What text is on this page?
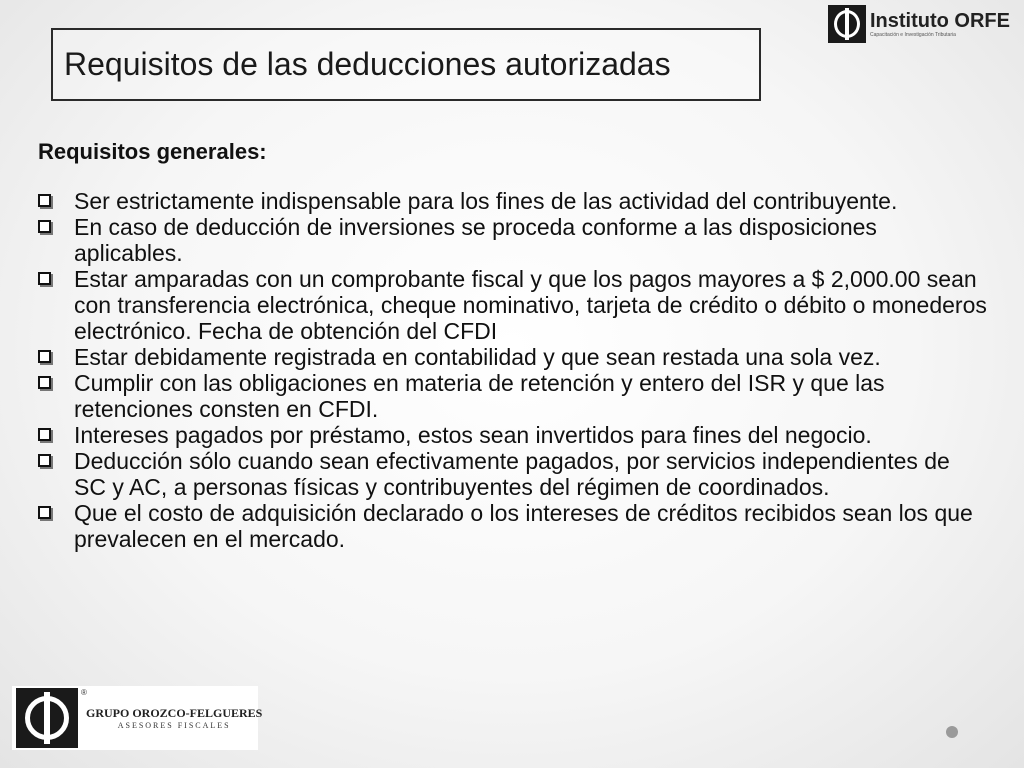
Requisitos de las deducciones autorizadas
Instituto ORFE
Capacitación e Investigación Tributaria
Requisitos generales:
Ser estrictamente indispensable para los fines de las actividad del contribuyente.
En caso de deducción de inversiones se proceda conforme a las disposiciones aplicables.
Estar amparadas con un comprobante fiscal y que los pagos mayores a $ 2,000.00 sean con transferencia electrónica, cheque nominativo, tarjeta de crédito o débito o monederos electrónico. Fecha de obtención del CFDI
Estar debidamente registrada en contabilidad y que sean restada una sola vez.
Cumplir con las obligaciones en materia de retención y entero del ISR y que las retenciones consten en CFDI.
Intereses pagados por préstamo, estos sean invertidos para fines del negocio.
Deducción sólo cuando sean efectivamente pagados, por servicios independientes de SC y AC, a personas físicas y contribuyentes del régimen de coordinados.
Que el costo de adquisición declarado o los intereses de créditos recibidos sean los que prevalecen en el mercado.
®
GRUPO OROZCO-FELGUERES
ASESORES FISCALES
